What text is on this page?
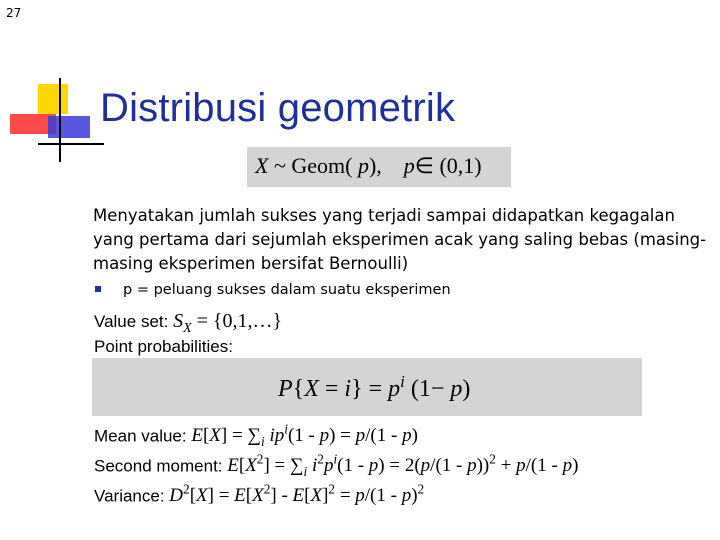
27
Distribusi geometrik
X ~ Geom( p),    p∈ (0,1)
Menyatakan jumlah sukses yang terjadi sampai didapatkan kegagalan yang pertama dari sejumlah eksperimen acak yang saling bebas (masing-masing eksperimen bersifat Bernoulli)
p = peluang sukses dalam suatu eksperimen
Value set: $S_X$ = {0,1,…}
Point probabilities:
$P\{X = i\} = p^i$ (1− p)
Mean value: $E[X] = \sum_i$ $ip^i(1 - p) = p/(1 - p)$
Second moment: $E[X^2] = \sum_i$ $i^2p^i(1 - p) = 2(p/(1 - p))^2 + p/(1 - p)$
Variance: $D^2[X] = E[X^2] - E[X]^2 = p/(1 - p)^2$
